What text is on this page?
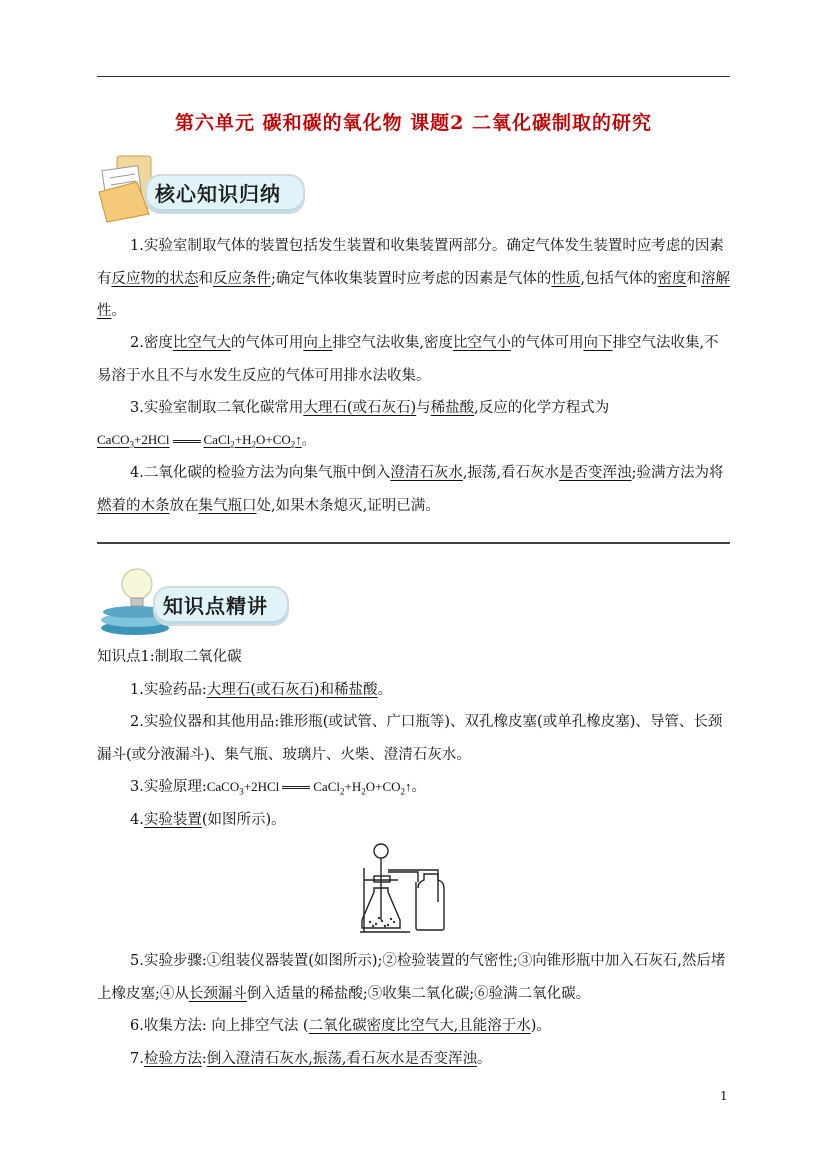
第六单元 碳和碳的氧化物 课题2 二氧化碳制取的研究
核心知识归纳
1.实验室制取气体的装置包括发生装置和收集装置两部分。确定气体发生装置时应考虑的因素有反应物的状态和反应条件;确定气体收集装置时应考虑的因素是气体的性质,包括气体的密度和溶解性。
2.密度比空气大的气体可用向上排空气法收集,密度比空气小的气体可用向下排空气法收集,不易溶于水且不与水发生反应的气体可用排水法收集。
3.实验室制取二氧化碳常用大理石(或石灰石)与稀盐酸,反应的化学方程式为
CaCO$_3$+2HCl	$CaCl_2+H_2O+CO_2↑$。
4.二氧化碳的检验方法为向集气瓶中倒入澄清石灰水,振荡,看石灰水是否变浑浊;验满方法为将燃着的木条放在集气瓶口处,如果木条熄灭,证明已满。
知识点精讲
知识点1:制取二氧化碳
1.实验药品:大理石(或石灰石)和稀盐酸。
2.实验仪器和其他用品:锥形瓶(或试管、广口瓶等)、双孔橡皮塞(或单孔橡皮塞)、导管、长颈漏斗(或分液漏斗)、集气瓶、玻璃片、火柴、澄清石灰水。
3.实验原理:CaCO$_3$+2HCl	$CaCl_2+H_2O+CO_2↑$。
4.实验装置(如图所示)。
5.实验步骤:①组装仪器装置(如图所示);②检验装置的气密性;③向锥形瓶中加入石灰石,然后堵上橡皮塞;④从长颈漏斗倒入适量的稀盐酸;⑤收集二氧化碳;⑥验满二氧化碳。
6.收集方法: 向上排空气法 (二氧化碳密度比空气大,且能溶于水)。
7.检验方法:倒入澄清石灰水,振荡,看石灰水是否变浑浊。
1
